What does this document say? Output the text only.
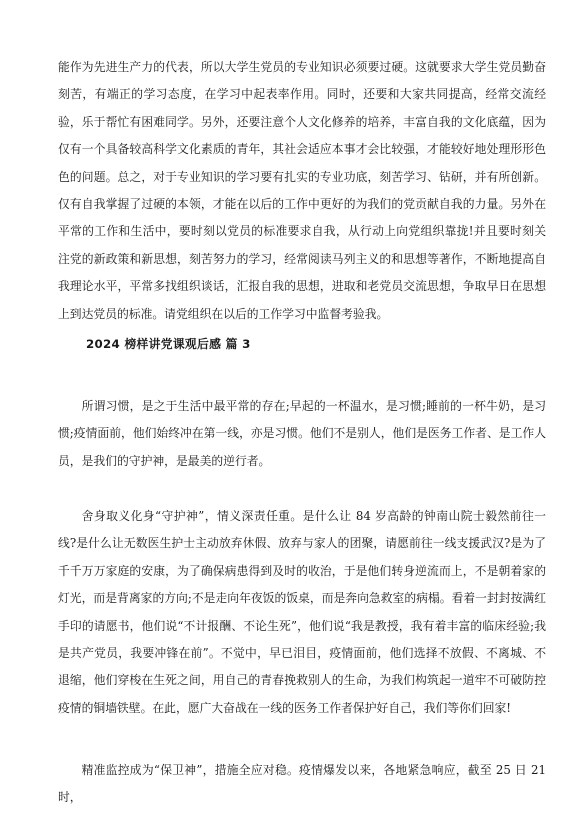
能作为先进生产力的代表，所以大学生党员的专业知识必须要过硬。这就要求大学生党员勤奋刻苦，有端正的学习态度，在学习中起表率作用。同时，还要和大家共同提高，经常交流经验，乐于帮忙有困难同学。另外，还要注意个人文化修养的培养，丰富自我的文化底蕴，因为仅有一个具备较高科学文化素质的青年，其社会适应本事才会比较强，才能较好地处理形形色色的问题。总之，对于专业知识的学习要有扎实的专业功底，刻苦学习、钻研，并有所创新。仅有自我掌握了过硬的本领，才能在以后的工作中更好的为我们的党贡献自我的力量。另外在平常的工作和生活中，要时刻以党员的标准要求自我，从行动上向党组织靠拢!并且要时刻关注党的新政策和新思想，刻苦努力的学习，经常阅读马列主义的和思想等著作，不断地提高自我理论水平，平常多找组织谈话，汇报自我的思想，进取和老党员交流思想，争取早日在思想上到达党员的标准。请党组织在以后的工作学习中监督考验我。

2024 榜样讲党课观后感 篇 3

所谓习惯，是之于生活中最平常的存在;早起的一杯温水，是习惯;睡前的一杯牛奶，是习惯;疫情面前，他们始终冲在第一线，亦是习惯。他们不是别人，他们是医务工作者、是工作人员，是我们的守护神，是最美的逆行者。

舍身取义化身“守护神”，情义深责任重。是什么让 84 岁高龄的钟南山院士毅然前往一线?是什么让无数医生护士主动放弃休假、放弃与家人的团聚，请愿前往一线支援武汉?是为了千千万万家庭的安康，为了确保病患得到及时的收治，于是他们转身逆流而上，不是朝着家的灯光，而是背离家的方向;不是走向年夜饭的饭桌，而是奔向急救室的病榻。看着一封封按满红手印的请愿书，他们说“不计报酬、不论生死”，他们说“我是教授，我有着丰富的临床经验;我是共产党员，我要冲锋在前”。不觉中，早已泪目，疫情面前，他们选择不放假、不离城、不退缩，他们穿梭在生死之间，用自己的青春挽救别人的生命，为我们构筑起一道牢不可破防控疫情的铜墙铁壁。在此，愿广大奋战在一线的医务工作者保护好自己，我们等你们回家!

精准监控成为“保卫神”，措施全应对稳。疫情爆发以来，各地紧急响应，截至 25 日 21 时，
